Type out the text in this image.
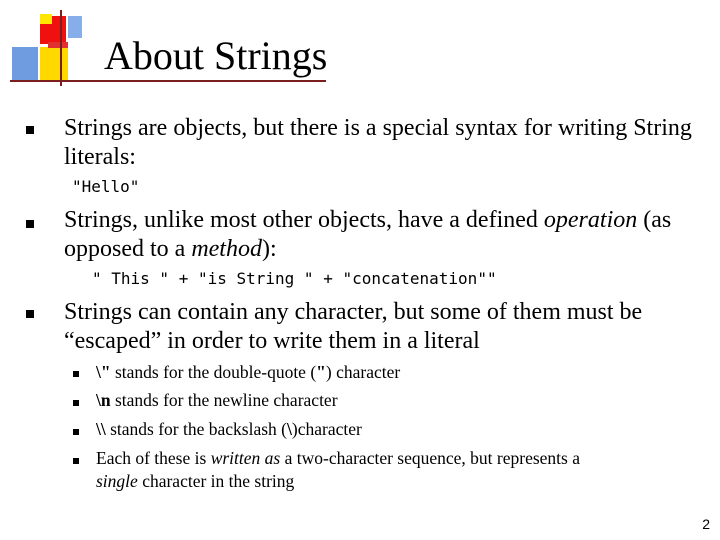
About Strings
Strings are objects, but there is a special syntax for writing String
literals:
"Hello"
Strings, unlike most other objects, have a defined operation (as
opposed to a method):
" This " + "is String " + "concatenation""
Strings can contain any character, but some of them must be
“escaped” in order to write them in a literal
\" stands for the double-quote (") character
\n stands for the newline character
\\ stands for the backslash (\)character
Each of these is written as a two-character sequence, but represents a
single character in the string
2
